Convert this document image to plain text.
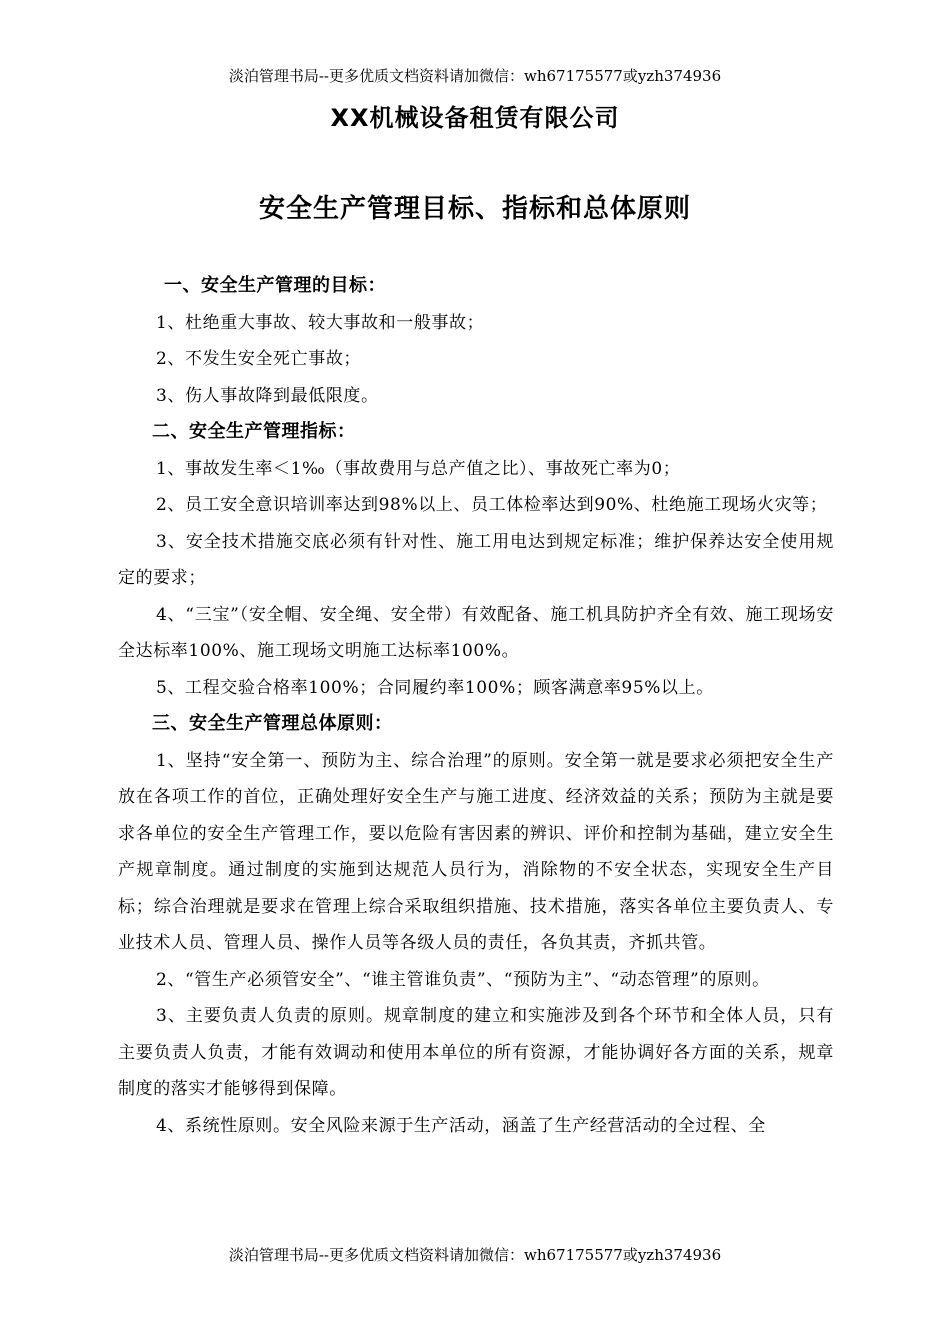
淡泊管理书局--更多优质文档资料请加微信：wh67175577或yzh374936
XX机械设备租赁有限公司
安全生产管理目标、指标和总体原则
一、安全生产管理的目标：

1、杜绝重大事故、较大事故和一般事故；

2、不发生安全死亡事故；

3、伤人事故降到最低限度。

二、安全生产管理指标：

1、事故发生率＜1‰（事故费用与总产值之比）、事故死亡率为0；

2、员工安全意识培训率达到98%以上、员工体检率达到90%、杜绝施工现场火灾等；

3、安全技术措施交底必须有针对性、施工用电达到规定标准；维护保养达安全使用规定的要求；

4、“三宝”（安全帽、安全绳、安全带）有效配备、施工机具防护齐全有效、施工现场安全达标率100%、施工现场文明施工达标率100%。

5、工程交验合格率100%；合同履约率100%；顾客满意率95%以上。

三、安全生产管理总体原则：

1、坚持“安全第一、预防为主、综合治理”的原则。安全第一就是要求必须把安全生产放在各项工作的首位，正确处理好安全生产与施工进度、经济效益的关系；预防为主就是要求各单位的安全生产管理工作，要以危险有害因素的辨识、评价和控制为基础，建立安全生产规章制度。通过制度的实施到达规范人员行为，消除物的不安全状态，实现安全生产目标；综合治理就是要求在管理上综合采取组织措施、技术措施，落实各单位主要负责人、专业技术人员、管理人员、操作人员等各级人员的责任，各负其责，齐抓共管。

2、“管生产必须管安全”、“谁主管谁负责”、“预防为主”、“动态管理”的原则。

3、主要负责人负责的原则。规章制度的建立和实施涉及到各个环节和全体人员，只有主要负责人负责，才能有效调动和使用本单位的所有资源，才能协调好各方面的关系，规章制度的落实才能够得到保障。

4、系统性原则。安全风险来源于生产活动，涵盖了生产经营活动的全过程、全

淡泊管理书局--更多优质文档资料请加微信：wh67175577或yzh374936
